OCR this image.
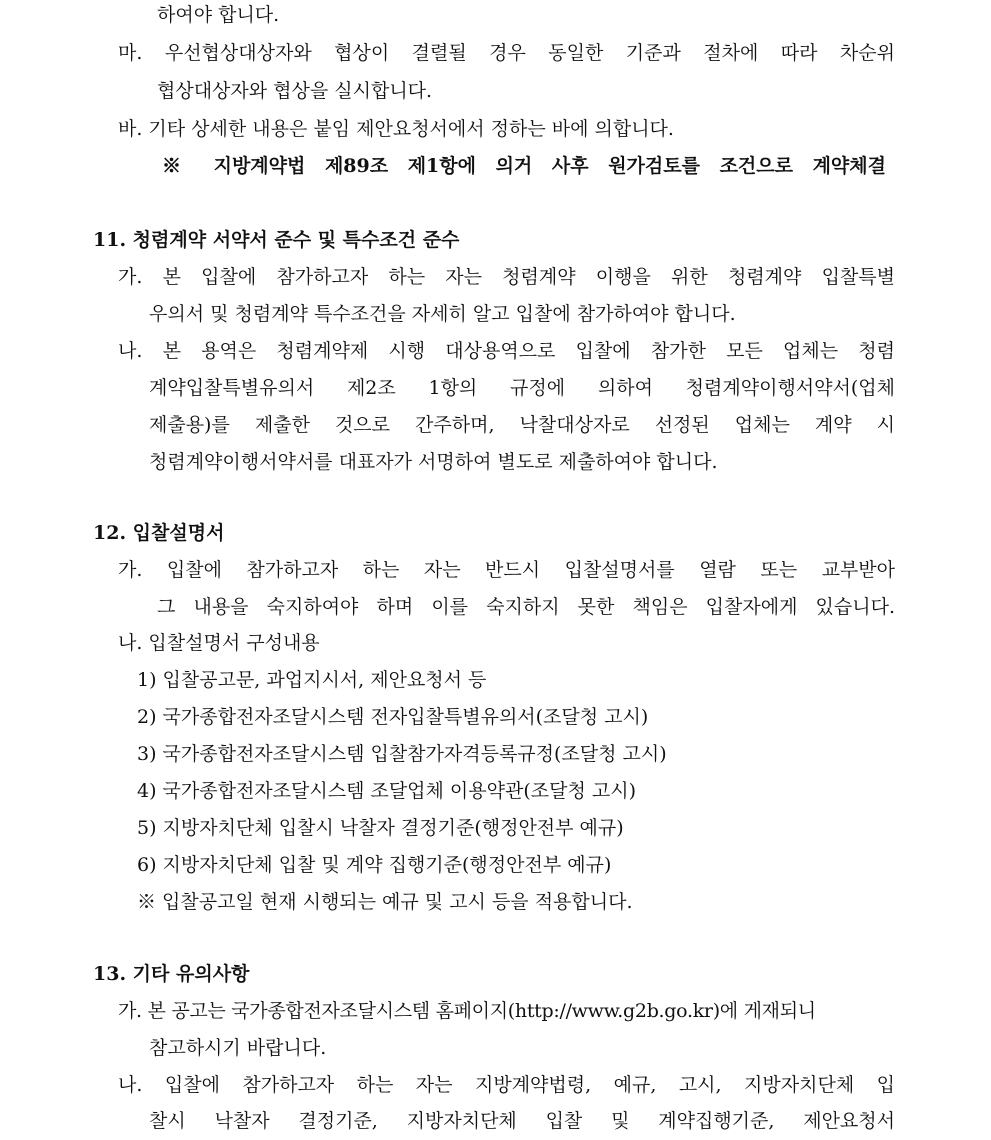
하여야 합니다.
마. 우선협상대상자와 협상이 결렬될 경우 동일한 기준과 절차에 따라 차순위
협상대상자와 협상을 실시합니다.
바. 기타 상세한 내용은 붙임 제안요청서에서 정하는 바에 의합니다.
※ 지방계약법 제89조 제1항에 의거 사후 원가검토를 조건으로 계약체결
11. 청렴계약 서약서 준수 및 특수조건 준수
가. 본 입찰에 참가하고자 하는 자는 청렴계약 이행을 위한 청렴계약 입찰특별
우의서 및 청렴계약 특수조건을 자세히 알고 입찰에 참가하여야 합니다.
나. 본 용역은 청렴계약제 시행 대상용역으로 입찰에 참가한 모든 업체는 청렴
계약입찰특별유의서 제2조 1항의 규정에 의하여 청렴계약이행서약서(업체
제출용)를 제출한 것으로 간주하며, 낙찰대상자로 선정된 업체는 계약 시
청렴계약이행서약서를 대표자가 서명하여 별도로 제출하여야 합니다.
12. 입찰설명서
가. 입찰에 참가하고자 하는 자는 반드시 입찰설명서를 열람 또는 교부받아
그 내용을 숙지하여야 하며 이를 숙지하지 못한 책임은 입찰자에게 있습니다.
나. 입찰설명서 구성내용
1) 입찰공고문, 과업지시서, 제안요청서 등
2) 국가종합전자조달시스템 전자입찰특별유의서(조달청 고시)
3) 국가종합전자조달시스템 입찰참가자격등록규정(조달청 고시)
4) 국가종합전자조달시스템 조달업체 이용약관(조달청 고시)
5) 지방자치단체 입찰시 낙찰자 결정기준(행정안전부 예규)
6) 지방자치단체 입찰 및 계약 집행기준(행정안전부 예규)
※ 입찰공고일 현재 시행되는 예규 및 고시 등을 적용합니다.
13. 기타 유의사항
가. 본 공고는 국가종합전자조달시스템 홈페이지(http://www.g2b.go.kr)에 게재되니
참고하시기 바랍니다.
나. 입찰에 참가하고자 하는 자는 지방계약법령, 예규, 고시, 지방자치단체 입
찰시 낙찰자 결정기준, 지방자치단체 입찰 및 계약집행기준, 제안요청서
